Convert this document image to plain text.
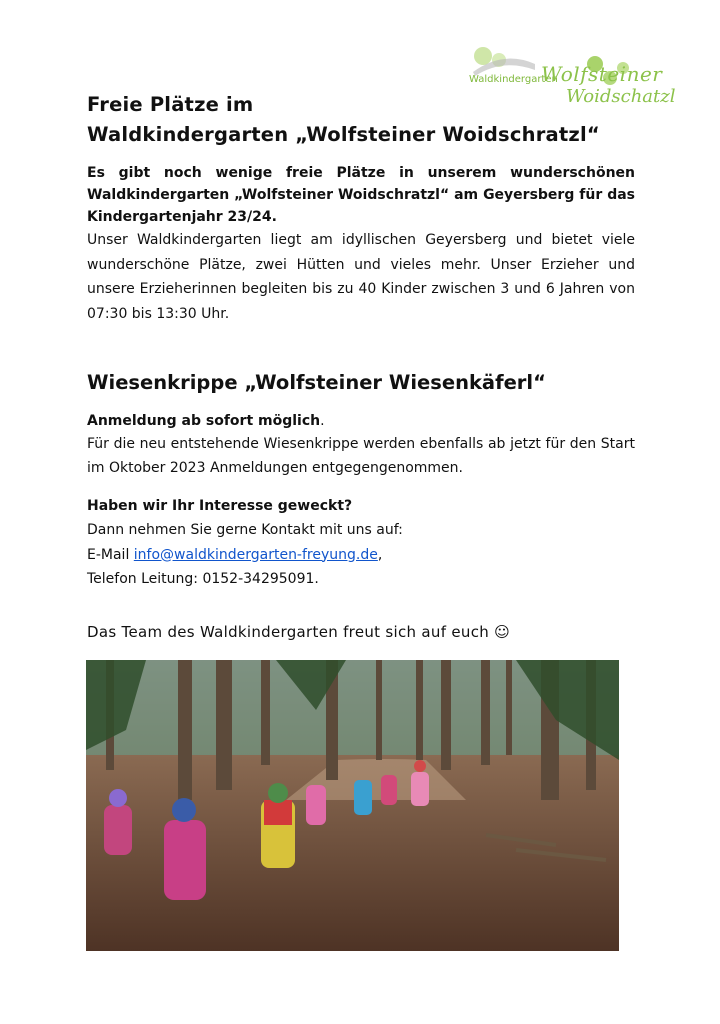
Waldkindergarten
Wolfsteiner
Woidschatzl
Freie Plätze im
Waldkindergarten „Wolfsteiner Woidschratzl“

Es gibt noch wenige freie Plätze in unserem wunderschönen Waldkindergarten „Wolfsteiner Woidschratzl“ am Geyersberg für das Kindergartenjahr 23/24.

Unser Waldkindergarten liegt am idyllischen Geyersberg und bietet viele wunderschöne Plätze, zwei Hütten und vieles mehr. Unser Erzieher und unsere Erzieherinnen begleiten bis zu 40 Kinder zwischen 3 und 6 Jahren von 07:30 bis 13:30 Uhr.

Wiesenkrippe „Wolfsteiner Wiesenkäferl“

Anmeldung ab sofort möglich.

Für die neu entstehende Wiesenkrippe werden ebenfalls ab jetzt für den Start im Oktober 2023 Anmeldungen entgegengenommen.

Haben wir Ihr Interesse geweckt?

Dann nehmen Sie gerne Kontakt mit uns auf:

E-Mail info@waldkindergarten-freyung.de,

Telefon Leitung: 0152-34295091.

Das Team des Waldkindergarten freut sich auf euch ☺
